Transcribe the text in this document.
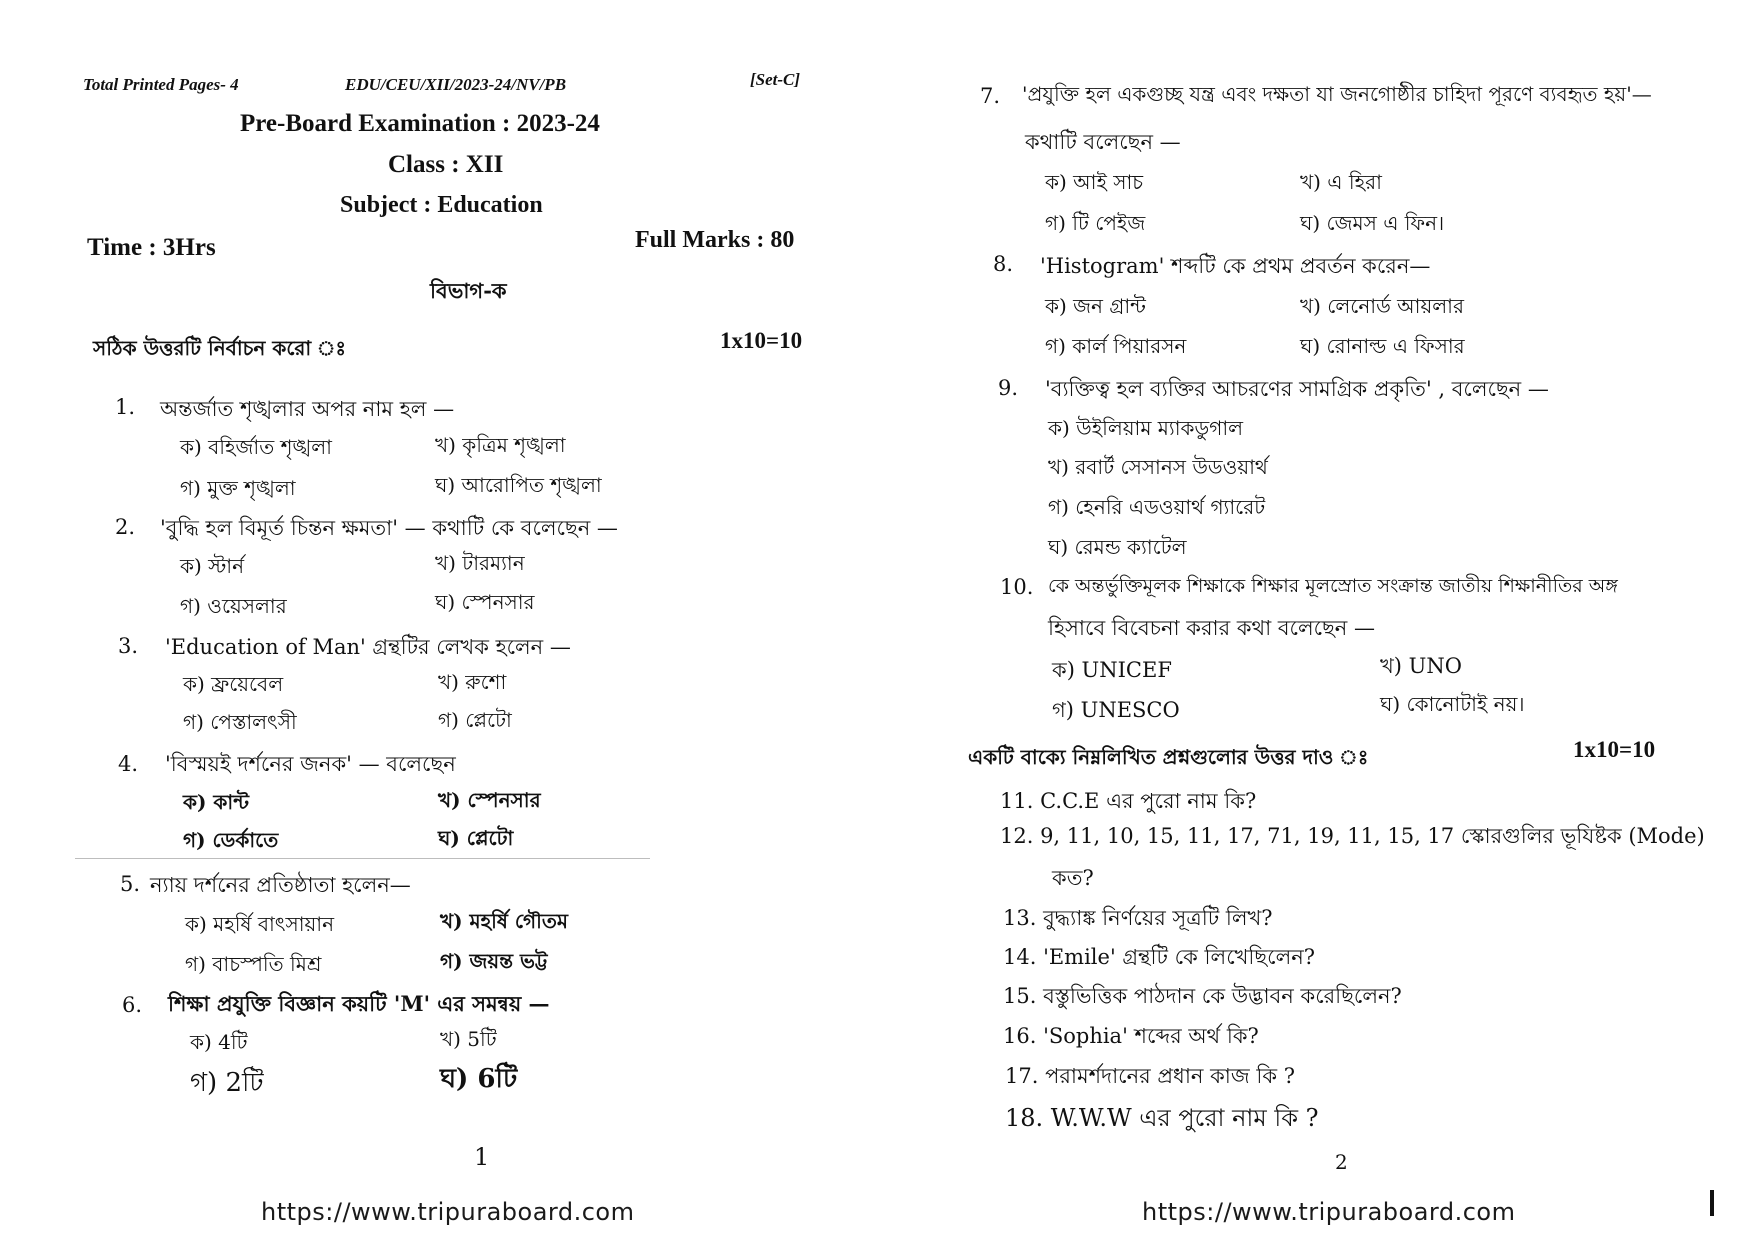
Total Printed Pages- 4	EDU/CEU/XII/2023-24/NV/PB	[Set-C]
Pre-Board Examination : 2023-24
Class : XII
Subject : Education
Time : 3Hrs	Full Marks : 80
বিভাগ-ক
সঠিক উত্তরটি নির্বাচন করো ঃ	1x10=10
1. অন্তর্জাত শৃঙ্খলার অপর নাম হল —
ক) বহির্জাত শৃঙ্খলা	খ) কৃত্রিম শৃঙ্খলা
গ) মুক্ত শৃঙ্খলা	ঘ) আরোপিত শৃঙ্খলা
2. 'বুদ্ধি হল বিমূর্ত চিন্তন ক্ষমতা' — কথাটি কে বলেছেন —
ক) স্টার্ন	খ) টারম্যান
গ) ওয়েসলার	ঘ) স্পেনসার
3. 'Education of Man' গ্রন্থটির লেখক হলেন —
ক) ফ্রয়েবেল	খ) রুশো
গ) পেস্তালৎসী	গ) প্লেটো
4. 'বিস্ময়ই দর্শনের জনক' — বলেছেন
ক) কান্ট	খ) স্পেনসার
গ) ডের্কাতে	ঘ) প্লেটো
5. ন্যায় দর্শনের প্রতিষ্ঠাতা হলেন—
ক) মহর্ষি বাৎসায়ান	খ) মহর্ষি গৌতম
গ) বাচস্পতি মিশ্র	গ) জয়ন্ত ভট্ট
6. শিক্ষা প্রযুক্তি বিজ্ঞান কয়টি 'M' এর সমন্বয় —
ক) 4টি	খ) 5টি
গ) 2টি	ঘ) 6টি
1
https://www.tripuraboard.com
7. 'প্রযুক্তি হল একগুচ্ছ যন্ত্র এবং দক্ষতা যা জনগোষ্ঠীর চাহিদা পূরণে ব্যবহৃত হয়'—
কথাটি বলেছেন —
ক) আই সাচ	খ) এ হিরা
গ) টি পেইজ	ঘ) জেমস এ ফিন।
8. 'Histogram' শব্দটি কে প্রথম প্রবর্তন করেন—
ক) জন গ্রান্ট	খ) লেনোর্ড আয়লার
গ) কার্ল পিয়ারসন	ঘ) রোনাল্ড এ ফিসার
9. 'ব্যক্তিত্ব হল ব্যক্তির আচরণের সামগ্রিক প্রকৃতি' , বলেছেন —
ক) উইলিয়াম ম্যাকডুগাল
খ) রবার্ট সেসানস উডওয়ার্থ
গ) হেনরি এডওয়ার্থ গ্যারেট
ঘ) রেমন্ড ক্যাটেল
10. কে অন্তর্ভুক্তিমূলক শিক্ষাকে শিক্ষার মূলস্রোত সংক্রান্ত জাতীয় শিক্ষানীতির অঙ্গ
হিসাবে বিবেচনা করার কথা বলেছেন —
ক) UNICEF	খ) UNO
গ) UNESCO	ঘ) কোনোটাই নয়।
একটি বাক্যে নিম্নলিখিত প্রশ্নগুলোর উত্তর দাও ঃ	1x10=10
11. C.C.E এর পুরো নাম কি?
12. 9, 11, 10, 15, 11, 17, 71, 19, 11, 15, 17 স্কোরগুলির ভূযিষ্টক (Mode)
কত?
13. বুদ্ধ্যাঙ্ক নির্ণয়ের সূত্রটি লিখ?
14. 'Emile' গ্রন্থটি কে লিখেছিলেন?
15. বস্তুভিত্তিক পাঠদান কে উদ্ভাবন করেছিলেন?
16. 'Sophia' শব্দের অর্থ কি?
17. পরামর্শদানের প্রধান কাজ কি ?
18. W.W.W এর পুরো নাম কি ?
2
https://www.tripuraboard.com
